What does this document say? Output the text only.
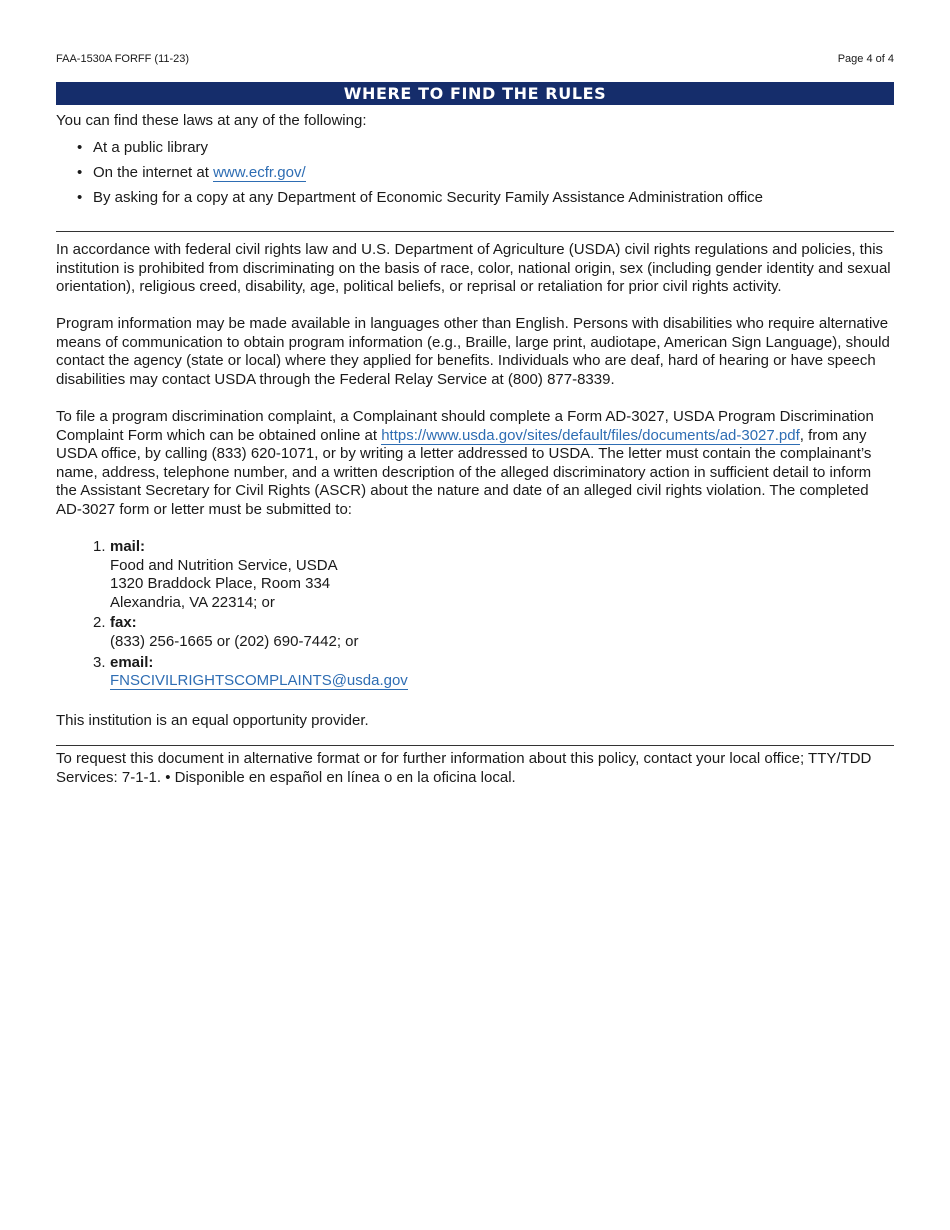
FAA-1530A FORFF (11-23)	Page 4 of 4
WHERE TO FIND THE RULES
You can find these laws at any of the following:
• At a public library
• On the internet at www.ecfr.gov/
• By asking for a copy at any Department of Economic Security Family Assistance Administration office

In accordance with federal civil rights law and U.S. Department of Agriculture (USDA) civil rights regulations and policies, this institution is prohibited from discriminating on the basis of race, color, national origin, sex (including gender identity and sexual orientation), religious creed, disability, age, political beliefs, or reprisal or retaliation for prior civil rights activity.

Program information may be made available in languages other than English. Persons with disabilities who require alternative means of communication to obtain program information (e.g., Braille, large print, audiotape, American Sign Language), should contact the agency (state or local) where they applied for benefits. Individuals who are deaf, hard of hearing or have speech disabilities may contact USDA through the Federal Relay Service at (800) 877-8339.

To file a program discrimination complaint, a Complainant should complete a Form AD-3027, USDA Program Discrimination Complaint Form which can be obtained online at https://www.usda.gov/sites/default/files/documents/ad-3027.pdf, from any USDA office, by calling (833) 620-1071, or by writing a letter addressed to USDA. The letter must contain the complainant’s name, address, telephone number, and a written description of the alleged discriminatory action in sufficient detail to inform the Assistant Secretary for Civil Rights (ASCR) about the nature and date of an alleged civil rights violation. The completed AD-3027 form or letter must be submitted to:

1. mail:
Food and Nutrition Service, USDA
1320 Braddock Place, Room 334
Alexandria, VA 22314; or
2. fax:
(833) 256-1665 or (202) 690-7442; or
3. email:
FNSCIVILRIGHTSCOMPLAINTS@usda.gov

This institution is an equal opportunity provider.

To request this document in alternative format or for further information about this policy, contact your local office; TTY/TDD Services: 7-1-1. • Disponible en español en línea o en la oficina local.
